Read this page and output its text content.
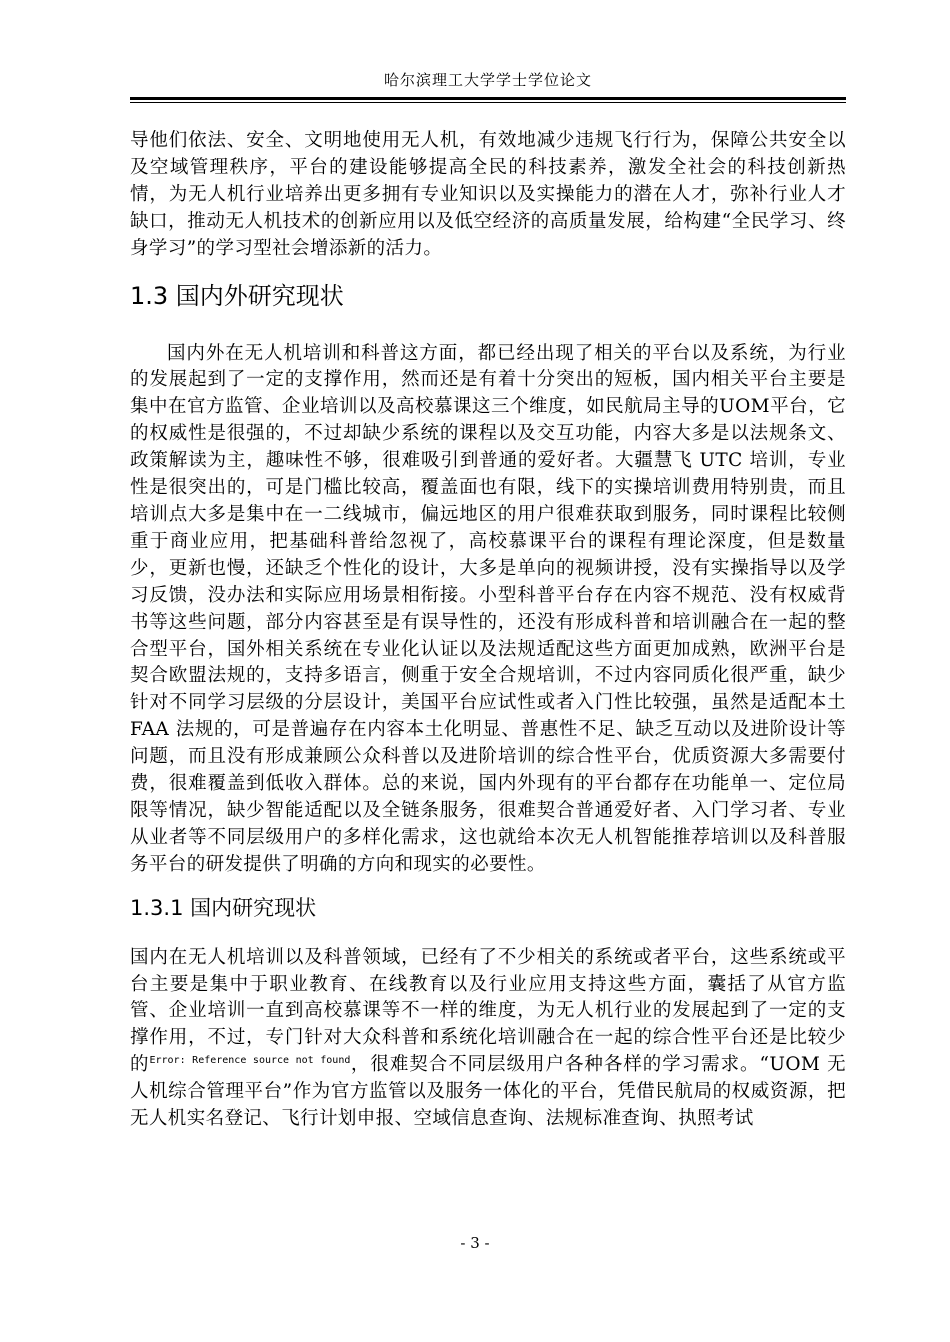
哈尔滨理工大学学士学位论文

导他们依法、安全、文明地使用无人机，有效地减少违规飞行行为，保障公共安全以及空域管理秩序，平台的建设能够提高全民的科技素养，激发全社会的科技创新热情，为无人机行业培养出更多拥有专业知识以及实操能力的潜在人才，弥补行业人才缺口，推动无人机技术的创新应用以及低空经济的高质量发展，给构建“全民学习、终身学习”的学习型社会增添新的活力。

1.3 国内外研究现状

国内外在无人机培训和科普这方面，都已经出现了相关的平台以及系统，为行业的发展起到了一定的支撑作用，然而还是有着十分突出的短板，国内相关平台主要是集中在官方监管、企业培训以及高校慕课这三个维度，如民航局主导的UOM平台，它的权威性是很强的，不过却缺少系统的课程以及交互功能，内容大多是以法规条文、政策解读为主，趣味性不够，很难吸引到普通的爱好者。大疆慧飞 UTC 培训，专业性是很突出的，可是门槛比较高，覆盖面也有限，线下的实操培训费用特别贵，而且培训点大多是集中在一二线城市，偏远地区的用户很难获取到服务，同时课程比较侧重于商业应用，把基础科普给忽视了，高校慕课平台的课程有理论深度，但是数量少，更新也慢，还缺乏个性化的设计，大多是单向的视频讲授，没有实操指导以及学习反馈，没办法和实际应用场景相衔接。小型科普平台存在内容不规范、没有权威背书等这些问题，部分内容甚至是有误导性的，还没有形成科普和培训融合在一起的整合型平台，国外相关系统在专业化认证以及法规适配这些方面更加成熟，欧洲平台是契合欧盟法规的，支持多语言，侧重于安全合规培训，不过内容同质化很严重，缺少针对不同学习层级的分层设计，美国平台应试性或者入门性比较强，虽然是适配本土 FAA 法规的，可是普遍存在内容本土化明显、普惠性不足、缺乏互动以及进阶设计等问题，而且没有形成兼顾公众科普以及进阶培训的综合性平台，优质资源大多需要付费，很难覆盖到低收入群体。总的来说，国内外现有的平台都存在功能单一、定位局限等情况，缺少智能适配以及全链条服务，很难契合普通爱好者、入门学习者、专业从业者等不同层级用户的多样化需求，这也就给本次无人机智能推荐培训以及科普服务平台的研发提供了明确的方向和现实的必要性。

1.3.1 国内研究现状

国内在无人机培训以及科普领域，已经有了不少相关的系统或者平台，这些系统或平台主要是集中于职业教育、在线教育以及行业应用支持这些方面，囊括了从官方监管、企业培训一直到高校慕课等不一样的维度，为无人机行业的发展起到了一定的支撑作用，不过，专门针对大众科普和系统化培训融合在一起的综合性平台还是比较少的$^{Error: Reference source not found}$，很难契合不同层级用户各种各样的学习需求。“UOM 无人机综合管理平台”作为官方监管以及服务一体化的平台，凭借民航局的权威资源，把无人机实名登记、飞行计划申报、空域信息查询、法规标准查询、执照考试

- 3 -
